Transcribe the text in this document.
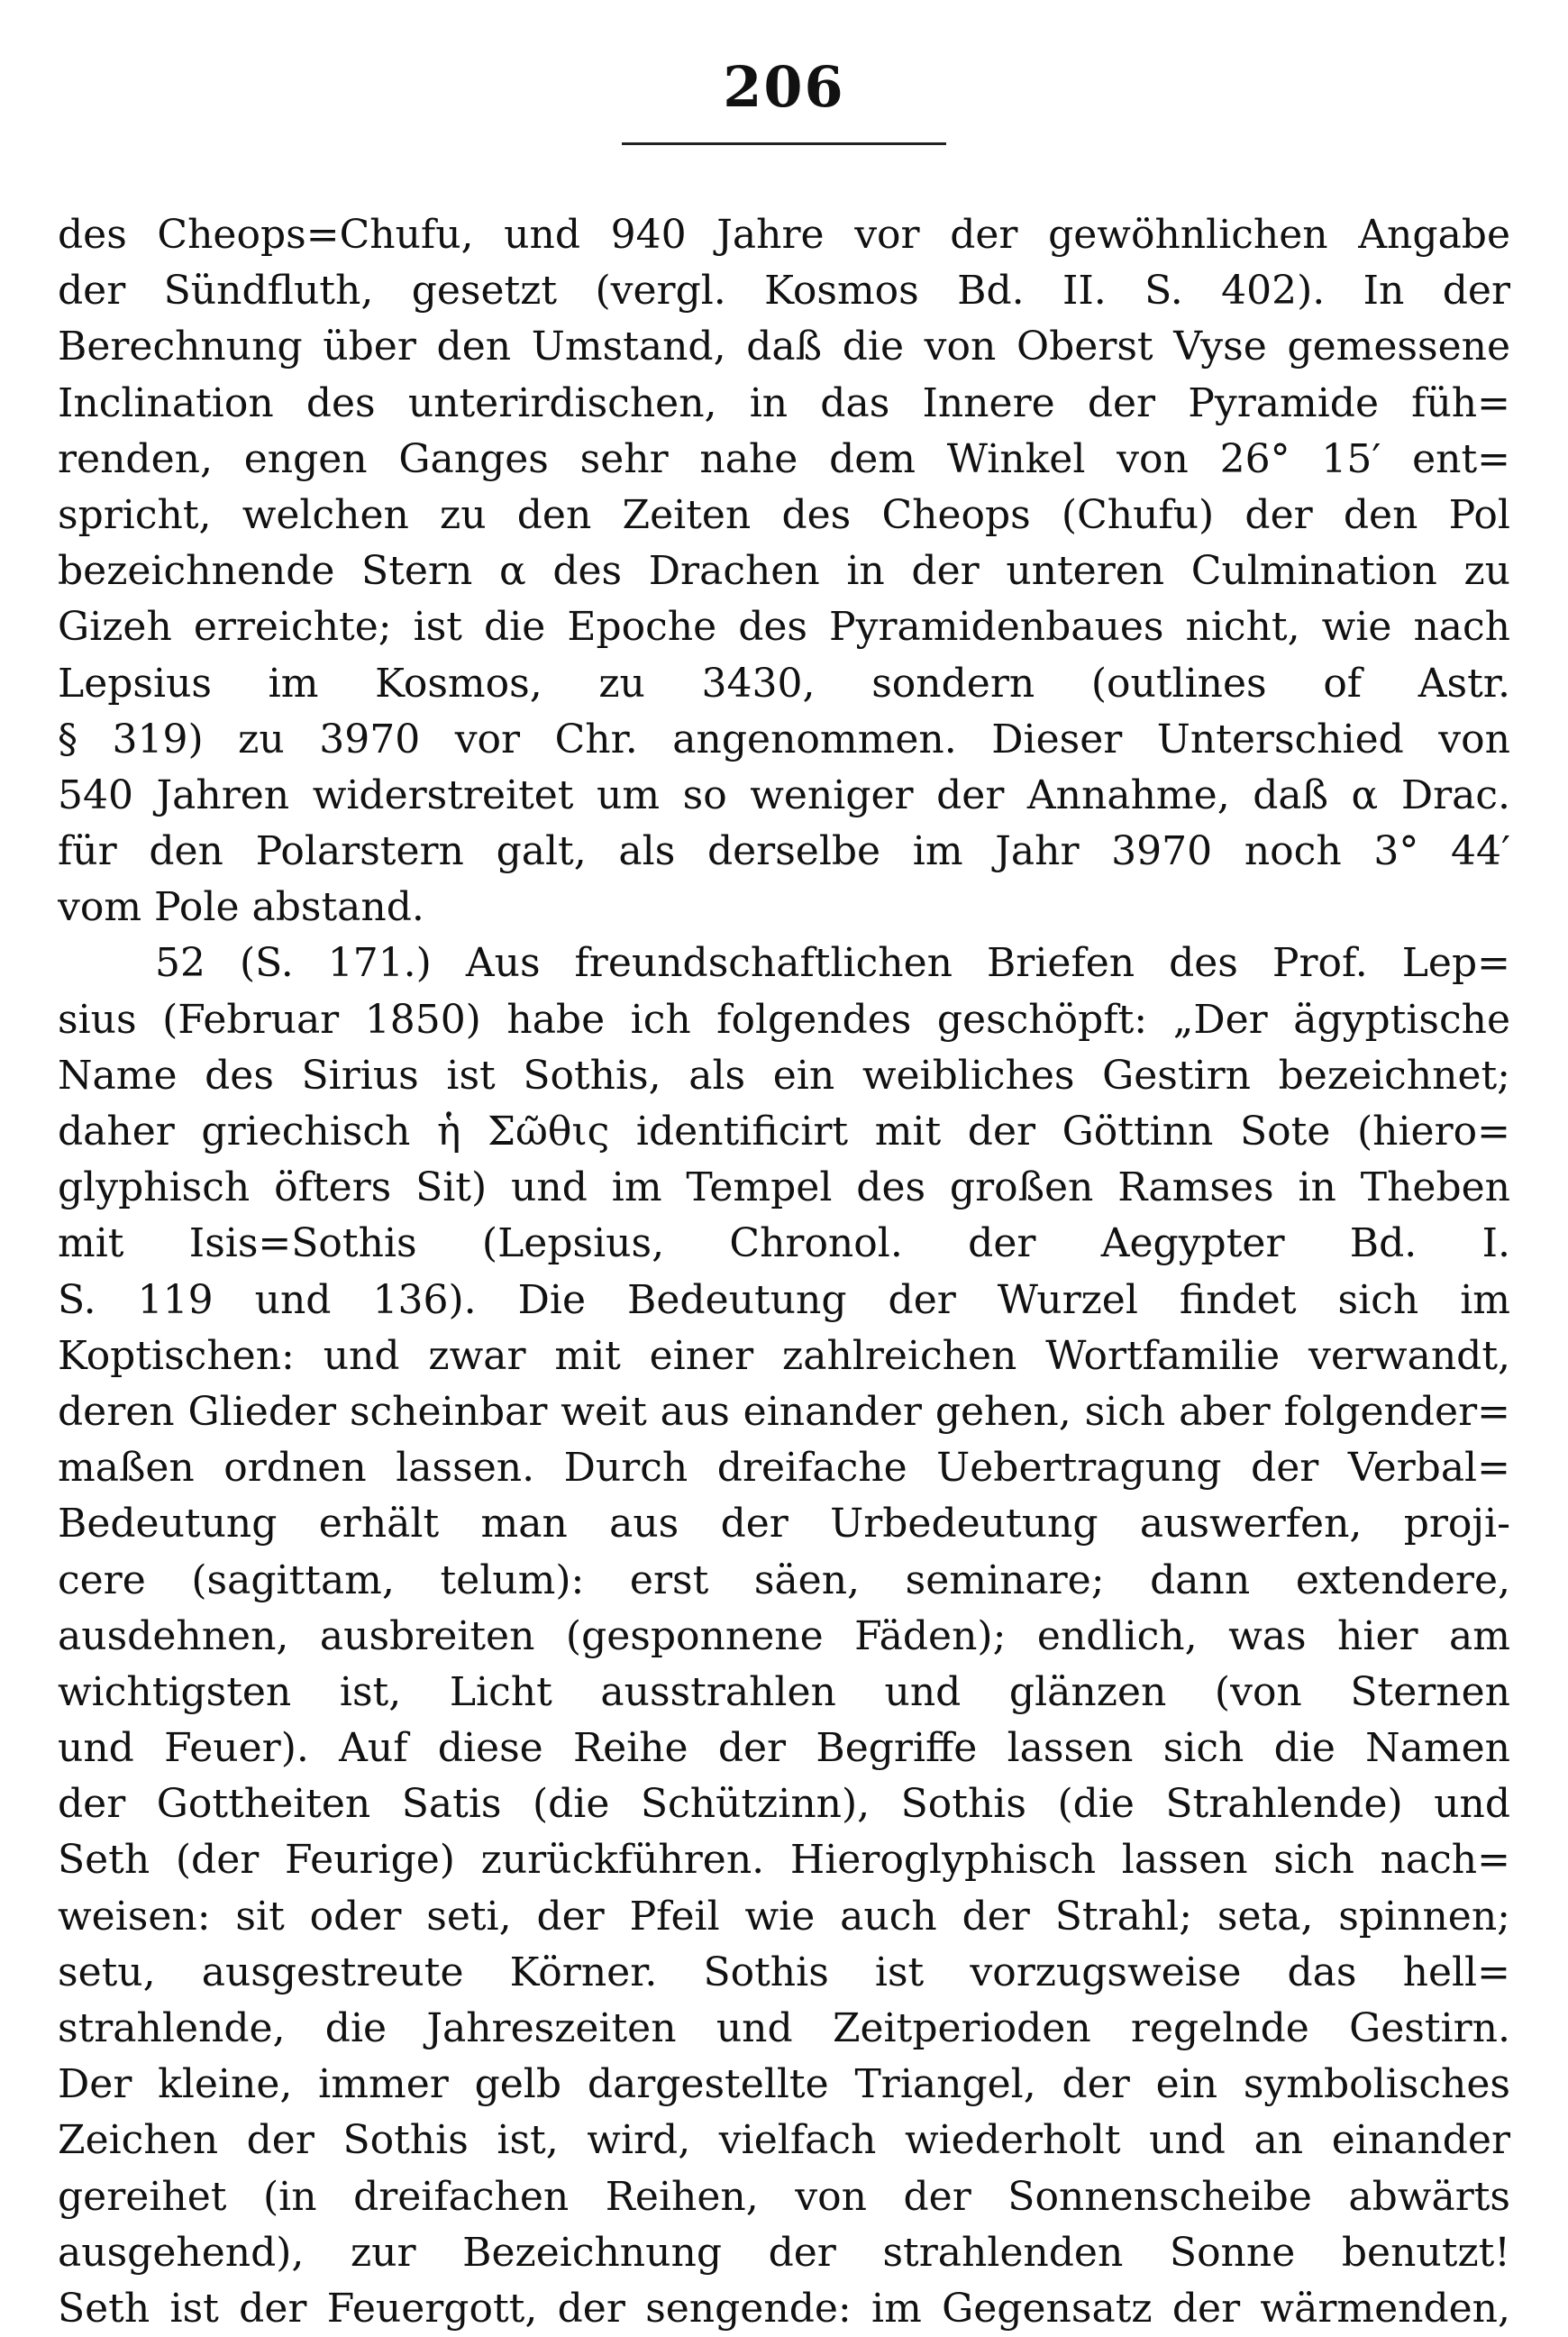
206
des Cheops=Chufu, und 940 Jahre vor der gewöhnlichen Angabe
der Sündfluth, gesetzt (vergl. Kosmos Bd. II. S. 402). In der
Berechnung über den Umstand, daß die von Oberst Vyse gemessene
Inclination des unterirdischen, in das Innere der Pyramide füh=
renden, engen Ganges sehr nahe dem Winkel von 26° 15′ ent=
spricht, welchen zu den Zeiten des Cheops (Chufu) der den Pol
bezeichnende Stern α des Drachen in der unteren Culmination zu
Gizeh erreichte; ist die Epoche des Pyramidenbaues nicht, wie nach
Lepsius im Kosmos, zu 3430, sondern (outlines of Astr.
§ 319) zu 3970 vor Chr. angenommen. Dieser Unterschied von
540 Jahren widerstreitet um so weniger der Annahme, daß α Drac.
für den Polarstern galt, als derselbe im Jahr 3970 noch 3° 44′
vom Pole abstand.
52 (S. 171.) Aus freundschaftlichen Briefen des Prof. Lep=
sius (Februar 1850) habe ich folgendes geschöpft: „Der ägyptische
Name des Sirius ist Sothis, als ein weibliches Gestirn bezeichnet;
daher griechisch ἡ Σῶθις identificirt mit der Göttinn Sote (hiero=
glyphisch öfters Sit) und im Tempel des großen Ramses in Theben
mit Isis=Sothis (Lepsius, Chronol. der Aegypter Bd. I.
S. 119 und 136). Die Bedeutung der Wurzel findet sich im
Koptischen: und zwar mit einer zahlreichen Wortfamilie verwandt,
deren Glieder scheinbar weit aus einander gehen, sich aber folgender=
maßen ordnen lassen. Durch dreifache Uebertragung der Verbal=
Bedeutung erhält man aus der Urbedeutung auswerfen, proji-
cere (sagittam, telum): erst säen, seminare; dann extendere,
ausdehnen, ausbreiten (gesponnene Fäden); endlich, was hier am
wichtigsten ist, Licht ausstrahlen und glänzen (von Sternen
und Feuer). Auf diese Reihe der Begriffe lassen sich die Namen
der Gottheiten Satis (die Schützinn), Sothis (die Strahlende) und
Seth (der Feurige) zurückführen. Hieroglyphisch lassen sich nach=
weisen: sit oder seti, der Pfeil wie auch der Strahl; seta, spinnen;
setu, ausgestreute Körner. Sothis ist vorzugsweise das hell=
strahlende, die Jahreszeiten und Zeitperioden regelnde Gestirn.
Der kleine, immer gelb dargestellte Triangel, der ein symbolisches
Zeichen der Sothis ist, wird, vielfach wiederholt und an einander
gereihet (in dreifachen Reihen, von der Sonnenscheibe abwärts
ausgehend), zur Bezeichnung der strahlenden Sonne benutzt!
Seth ist der Feuergott, der sengende: im Gegensatz der wärmenden,
